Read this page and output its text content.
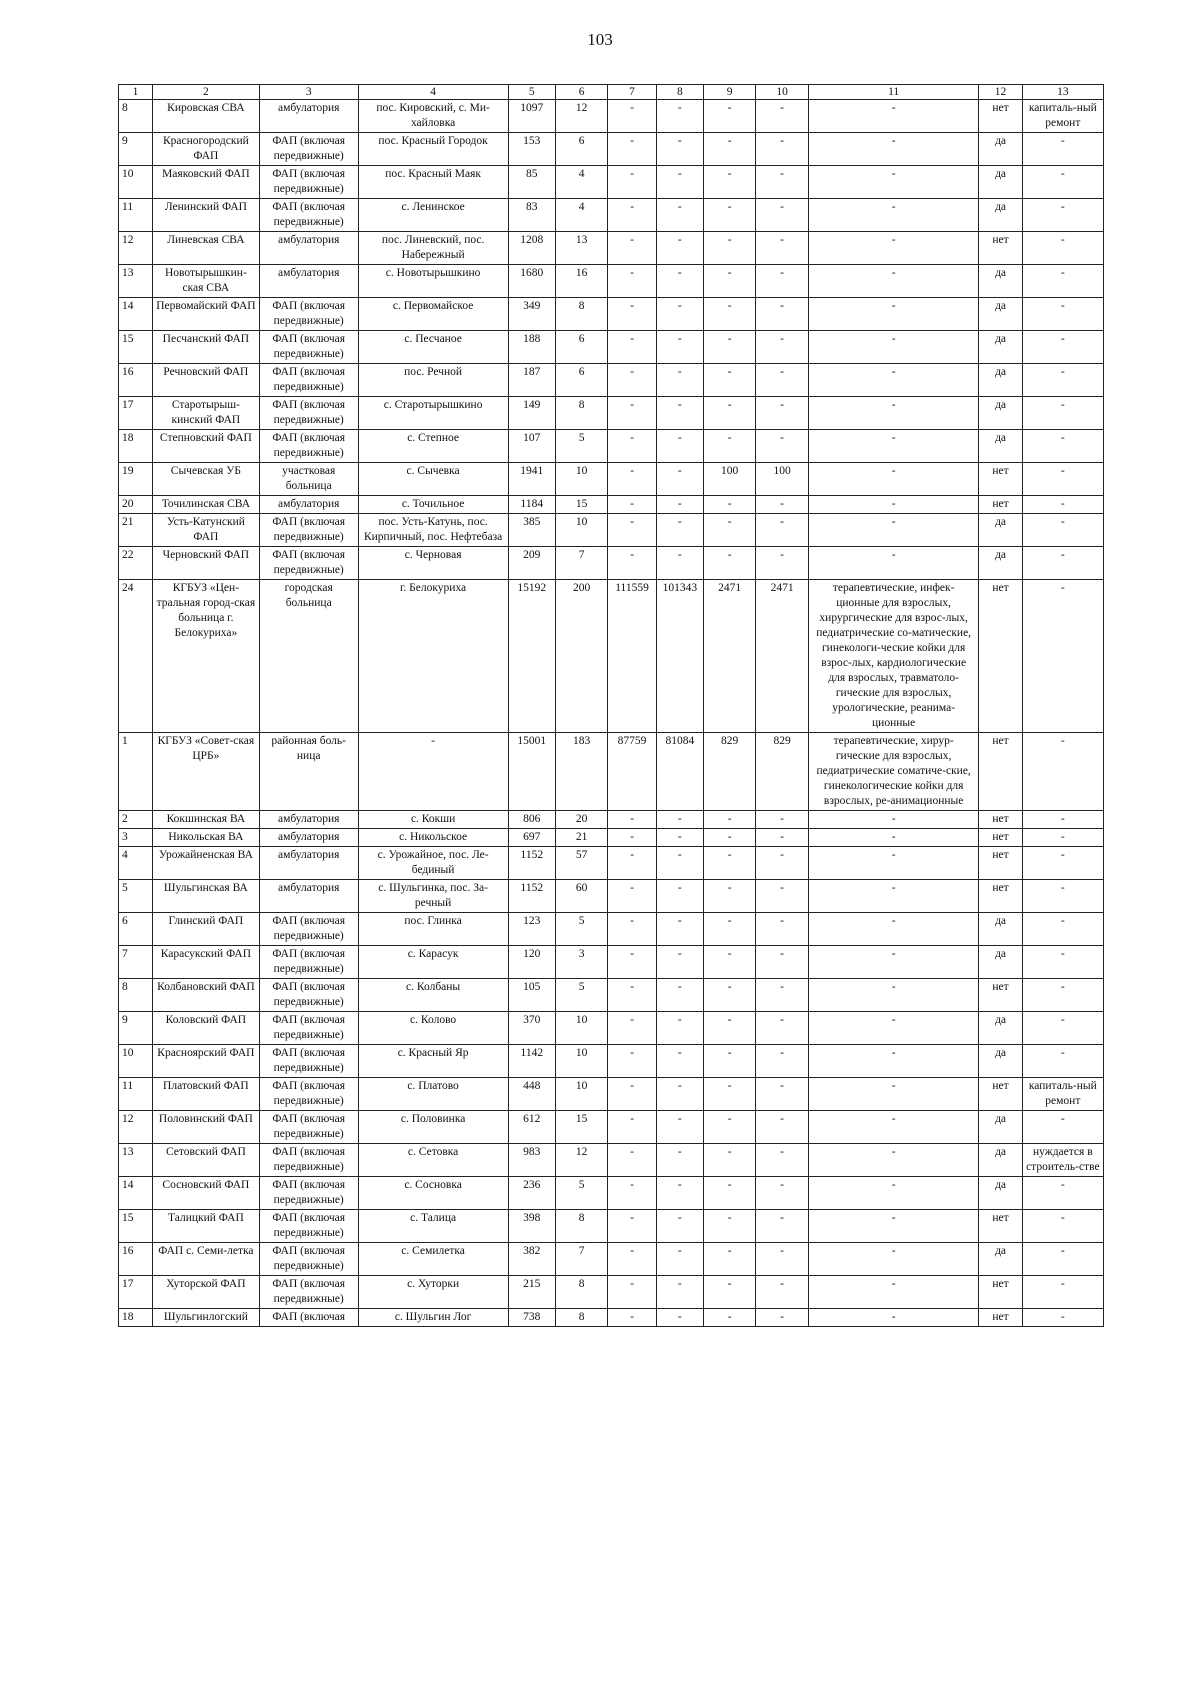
103
1	2	3	4	5	6	7	8	9	10	11	12	13
8	Кировская СВА	амбулатория	пос. Кировский, с. Ми-хайловка	1097	12	-	-	-	-	-	нет	капиталь-ный ремонт
9	Красногородский ФАП	ФАП (включая передвижные)	пос. Красный Городок	153	6	-	-	-	-	-	да	-
10	Маяковский ФАП	ФАП (включая передвижные)	пос. Красный Маяк	85	4	-	-	-	-	-	да	-
11	Ленинский ФАП	ФАП (включая передвижные)	с. Ленинское	83	4	-	-	-	-	-	да	-
12	Линевская СВА	амбулатория	пос. Линевский, пос. Набережный	1208	13	-	-	-	-	-	нет	-
13	Новотырышкин-ская СВА	амбулатория	с. Новотырышкино	1680	16	-	-	-	-	-	да	-
14	Первомайский ФАП	ФАП (включая передвижные)	с. Первомайское	349	8	-	-	-	-	-	да	-
15	Песчанский ФАП	ФАП (включая передвижные)	с. Песчаное	188	6	-	-	-	-	-	да	-
16	Речновский ФАП	ФАП (включая передвижные)	пос. Речной	187	6	-	-	-	-	-	да	-
17	Старотырыш-кинский ФАП	ФАП (включая передвижные)	с. Старотырышкино	149	8	-	-	-	-	-	да	-
18	Степновский ФАП	ФАП (включая передвижные)	с. Степное	107	5	-	-	-	-	-	да	-
19	Сычевская УБ	участковая больница	с. Сычевка	1941	10	-	-	100	100	-	нет	-
20	Точилинская СВА	амбулатория	с. Точильное	1184	15	-	-	-	-	-	нет	-
21	Усть-Катунский ФАП	ФАП (включая передвижные)	пос. Усть-Катунь, пос. Кирпичный, пос. Нефтебаза	385	10	-	-	-	-	-	да	-
22	Черновский ФАП	ФАП (включая передвижные)	с. Черновая	209	7	-	-	-	-	-	да	-
24	КГБУЗ «Цен-тральная город-ская больница г. Белокуриха»	городская больница	г. Белокуриха	15192	200	111559	101343	2471	2471	терапевтические, инфек-ционные для взрослых, хирургические для взрос-лых, педиатрические со-матические, гинекологи-ческие койки для взрос-лых, кардиологические для взрослых, травматоло-гические для взрослых, урологические, реанима-ционные	нет	-
1	КГБУЗ «Совет-ская ЦРБ»	районная боль-ница	-	15001	183	87759	81084	829	829	терапевтические, хирур-гические для взрослых, педиатрические соматиче-ские, гинекологические койки для взрослых, ре-анимационные	нет	-
2	Кокшинская ВА	амбулатория	с. Кокши	806	20	-	-	-	-	-	нет	-
3	Никольская ВА	амбулатория	с. Никольское	697	21	-	-	-	-	-	нет	-
4	Урожайненская ВА	амбулатория	с. Урожайное, пос. Ле-бединый	1152	57	-	-	-	-	-	нет	-
5	Шульгинская ВА	амбулатория	с. Шульгинка, пос. За-речный	1152	60	-	-	-	-	-	нет	-
6	Глинский ФАП	ФАП (включая передвижные)	пос. Глинка	123	5	-	-	-	-	-	да	-
7	Карасукский ФАП	ФАП (включая передвижные)	с. Карасук	120	3	-	-	-	-	-	да	-
8	Колбановский ФАП	ФАП (включая передвижные)	с. Колбаны	105	5	-	-	-	-	-	нет	-
9	Коловский ФАП	ФАП (включая передвижные)	с. Колово	370	10	-	-	-	-	-	да	-
10	Красноярский ФАП	ФАП (включая передвижные)	с. Красный Яр	1142	10	-	-	-	-	-	да	-
11	Платовский ФАП	ФАП (включая передвижные)	с. Платово	448	10	-	-	-	-	-	нет	капиталь-ный ремонт
12	Половинский ФАП	ФАП (включая передвижные)	с. Половинка	612	15	-	-	-	-	-	да	-
13	Сетовский ФАП	ФАП (включая передвижные)	с. Сетовка	983	12	-	-	-	-	-	да	нуждается в строитель-стве
14	Сосновский ФАП	ФАП (включая передвижные)	с. Сосновка	236	5	-	-	-	-	-	да	-
15	Талицкий ФАП	ФАП (включая передвижные)	с. Талица	398	8	-	-	-	-	-	нет	-
16	ФАП с. Семи-летка	ФАП (включая передвижные)	с. Семилетка	382	7	-	-	-	-	-	да	-
17	Хуторской ФАП	ФАП (включая передвижные)	с. Хуторки	215	8	-	-	-	-	-	нет	-
18	Шульгинлогский	ФАП (включая	с. Шульгин Лог	738	8	-	-	-	-	-	нет	-
